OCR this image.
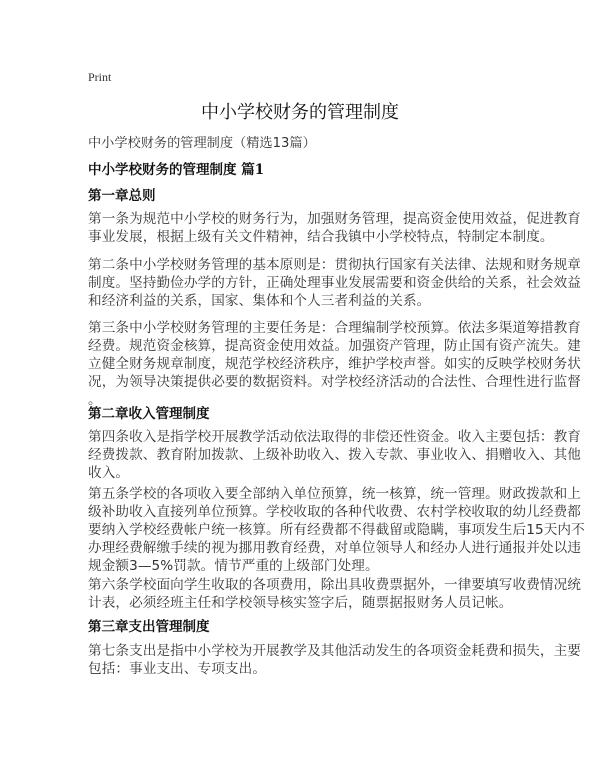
Print
中小学校财务的管理制度
中小学校财务的管理制度（精选13篇）
中小学校财务的管理制度 篇1
第一章总则
第一条为规范中小学校的财务行为，加强财务管理，提高资金使用效益，促进教育
事业发展，根据上级有关文件精神，结合我镇中小学校特点，特制定本制度。
第二条中小学校财务管理的基本原则是：贯彻执行国家有关法律、法规和财务规章
制度。坚持勤俭办学的方针，正确处理事业发展需要和资金供给的关系，社会效益
和经济利益的关系，国家、集体和个人三者利益的关系。
第三条中小学校财务管理的主要任务是：合理编制学校预算。依法多渠道筹措教育
经费。规范资金核算，提高资金使用效益。加强资产管理，防止国有资产流失。建
立健全财务规章制度，规范学校经济秩序，维护学校声誉。如实的反映学校财务状
况，为领导决策提供必要的数据资料。对学校经济活动的合法性、合理性进行监督
。
第二章收入管理制度
第四条收入是指学校开展教学活动依法取得的非偿还性资金。收入主要包括：教育
经费拨款、教育附加拨款、上级补助收入、拨入专款、事业收入、捐赠收入、其他
收入。
第五条学校的各项收入要全部纳入单位预算，统一核算，统一管理。财政拨款和上
级补助收入直接列单位预算。学校收取的各种代收费、农村学校收取的幼儿经费都
要纳入学校经费帐户统一核算。所有经费都不得截留或隐瞒，事项发生后15天内不
办理经费解缴手续的视为挪用教育经费，对单位领导人和经办人进行通报并处以违
规金额3—5%罚款。情节严重的上级部门处理。
第六条学校面向学生收取的各项费用，除出具收费票据外，一律要填写收费情况统
计表，必须经班主任和学校领导核实签字后，随票据报财务人员记帐。
第三章支出管理制度
第七条支出是指中小学校为开展教学及其他活动发生的各项资金耗费和损失，主要
包括：事业支出、专项支出。
